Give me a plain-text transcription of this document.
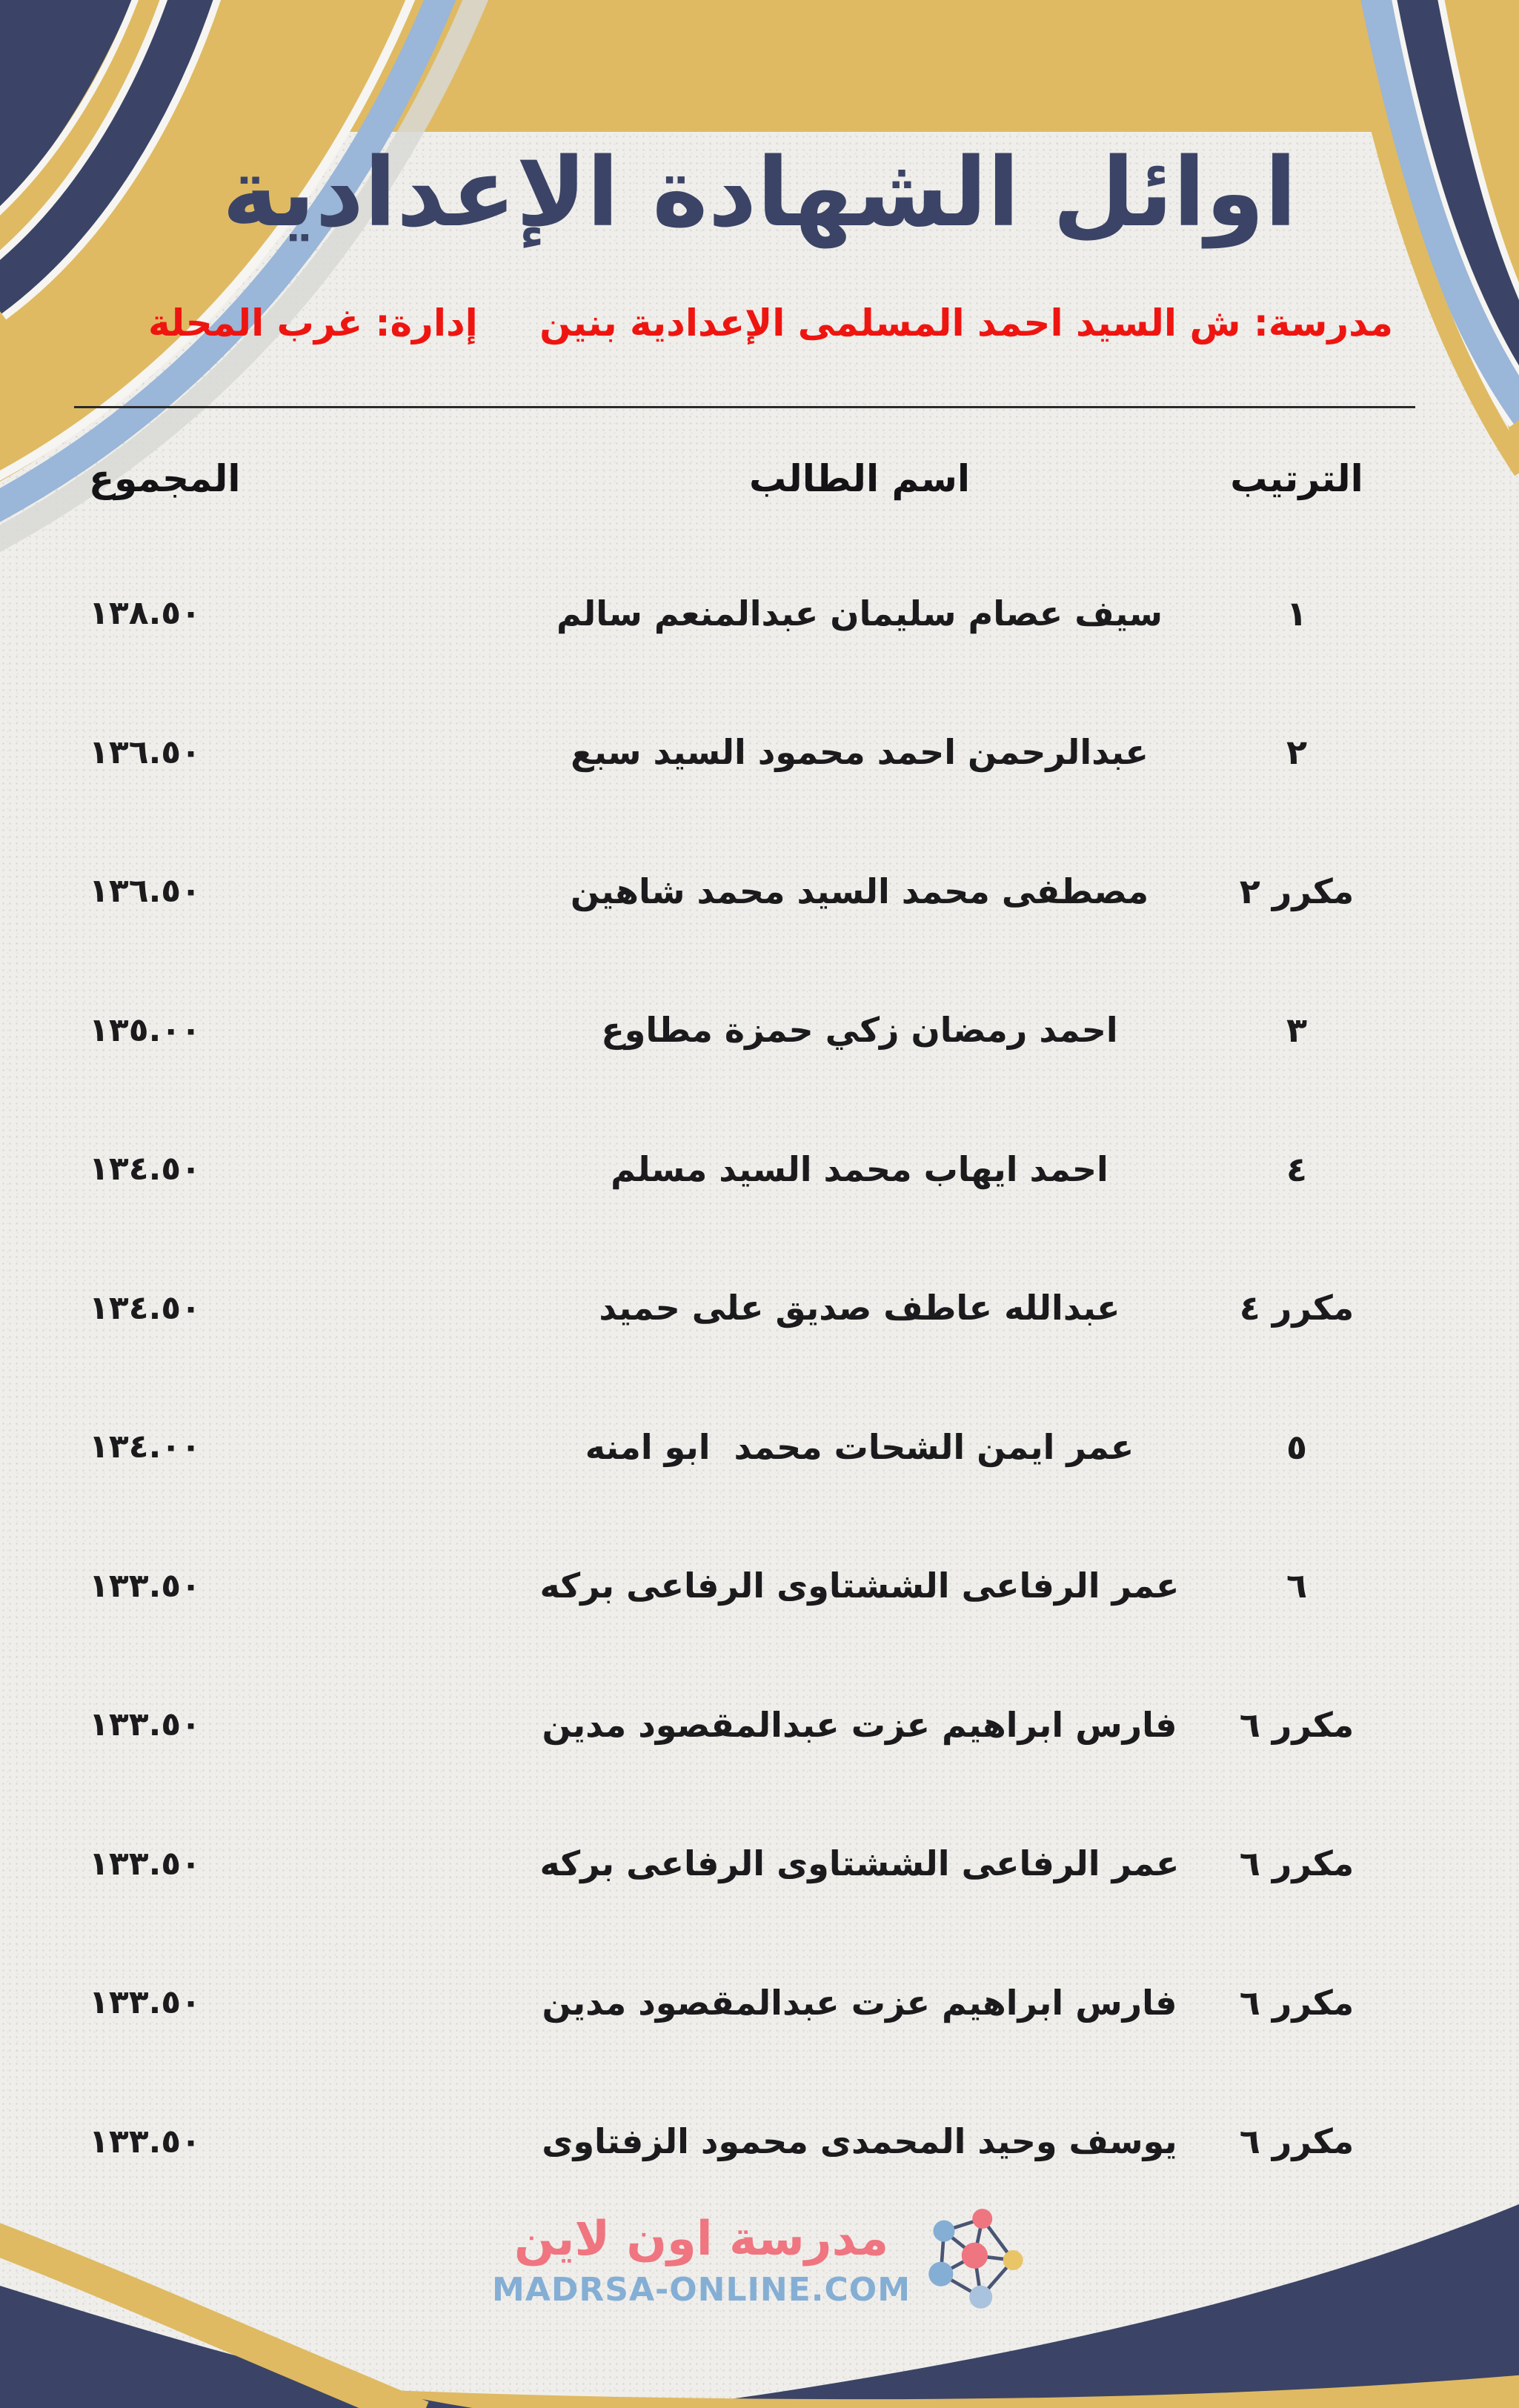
اوائل الشهادة الإعدادية
مدرسة: ش السيد احمد المسلمى الإعدادية بنين
إدارة: غرب المحلة
الترتيب
اسم الطالب
المجموع
١
سيف عصام سليمان عبدالمنعم سالم
١٣٨.٥٠
٢
عبدالرحمن احمد محمود السيد سبع
١٣٦.٥٠
مكرر ٢
مصطفى محمد السيد محمد شاهين
١٣٦.٥٠
٣
احمد رمضان زكي حمزة مطاوع
١٣٥.٠٠
٤
احمد ايهاب محمد السيد مسلم
١٣٤.٥٠
مكرر ٤
عبدالله عاطف صديق على حميد
١٣٤.٥٠
٥
عمر ايمن الشحات محمد  ابو امنه
١٣٤.٠٠
٦
عمر الرفاعى الششتاوى الرفاعى بركه
١٣٣.٥٠
مكرر ٦
فارس ابراهيم عزت عبدالمقصود مدين
١٣٣.٥٠
مكرر ٦
عمر الرفاعى الششتاوى الرفاعى بركه
١٣٣.٥٠
مكرر ٦
فارس ابراهيم عزت عبدالمقصود مدين
١٣٣.٥٠
مكرر ٦
يوسف وحيد المحمدى محمود الزفتاوى
١٣٣.٥٠
مدرسة اون لاين
MADRSA-ONLINE.COM
